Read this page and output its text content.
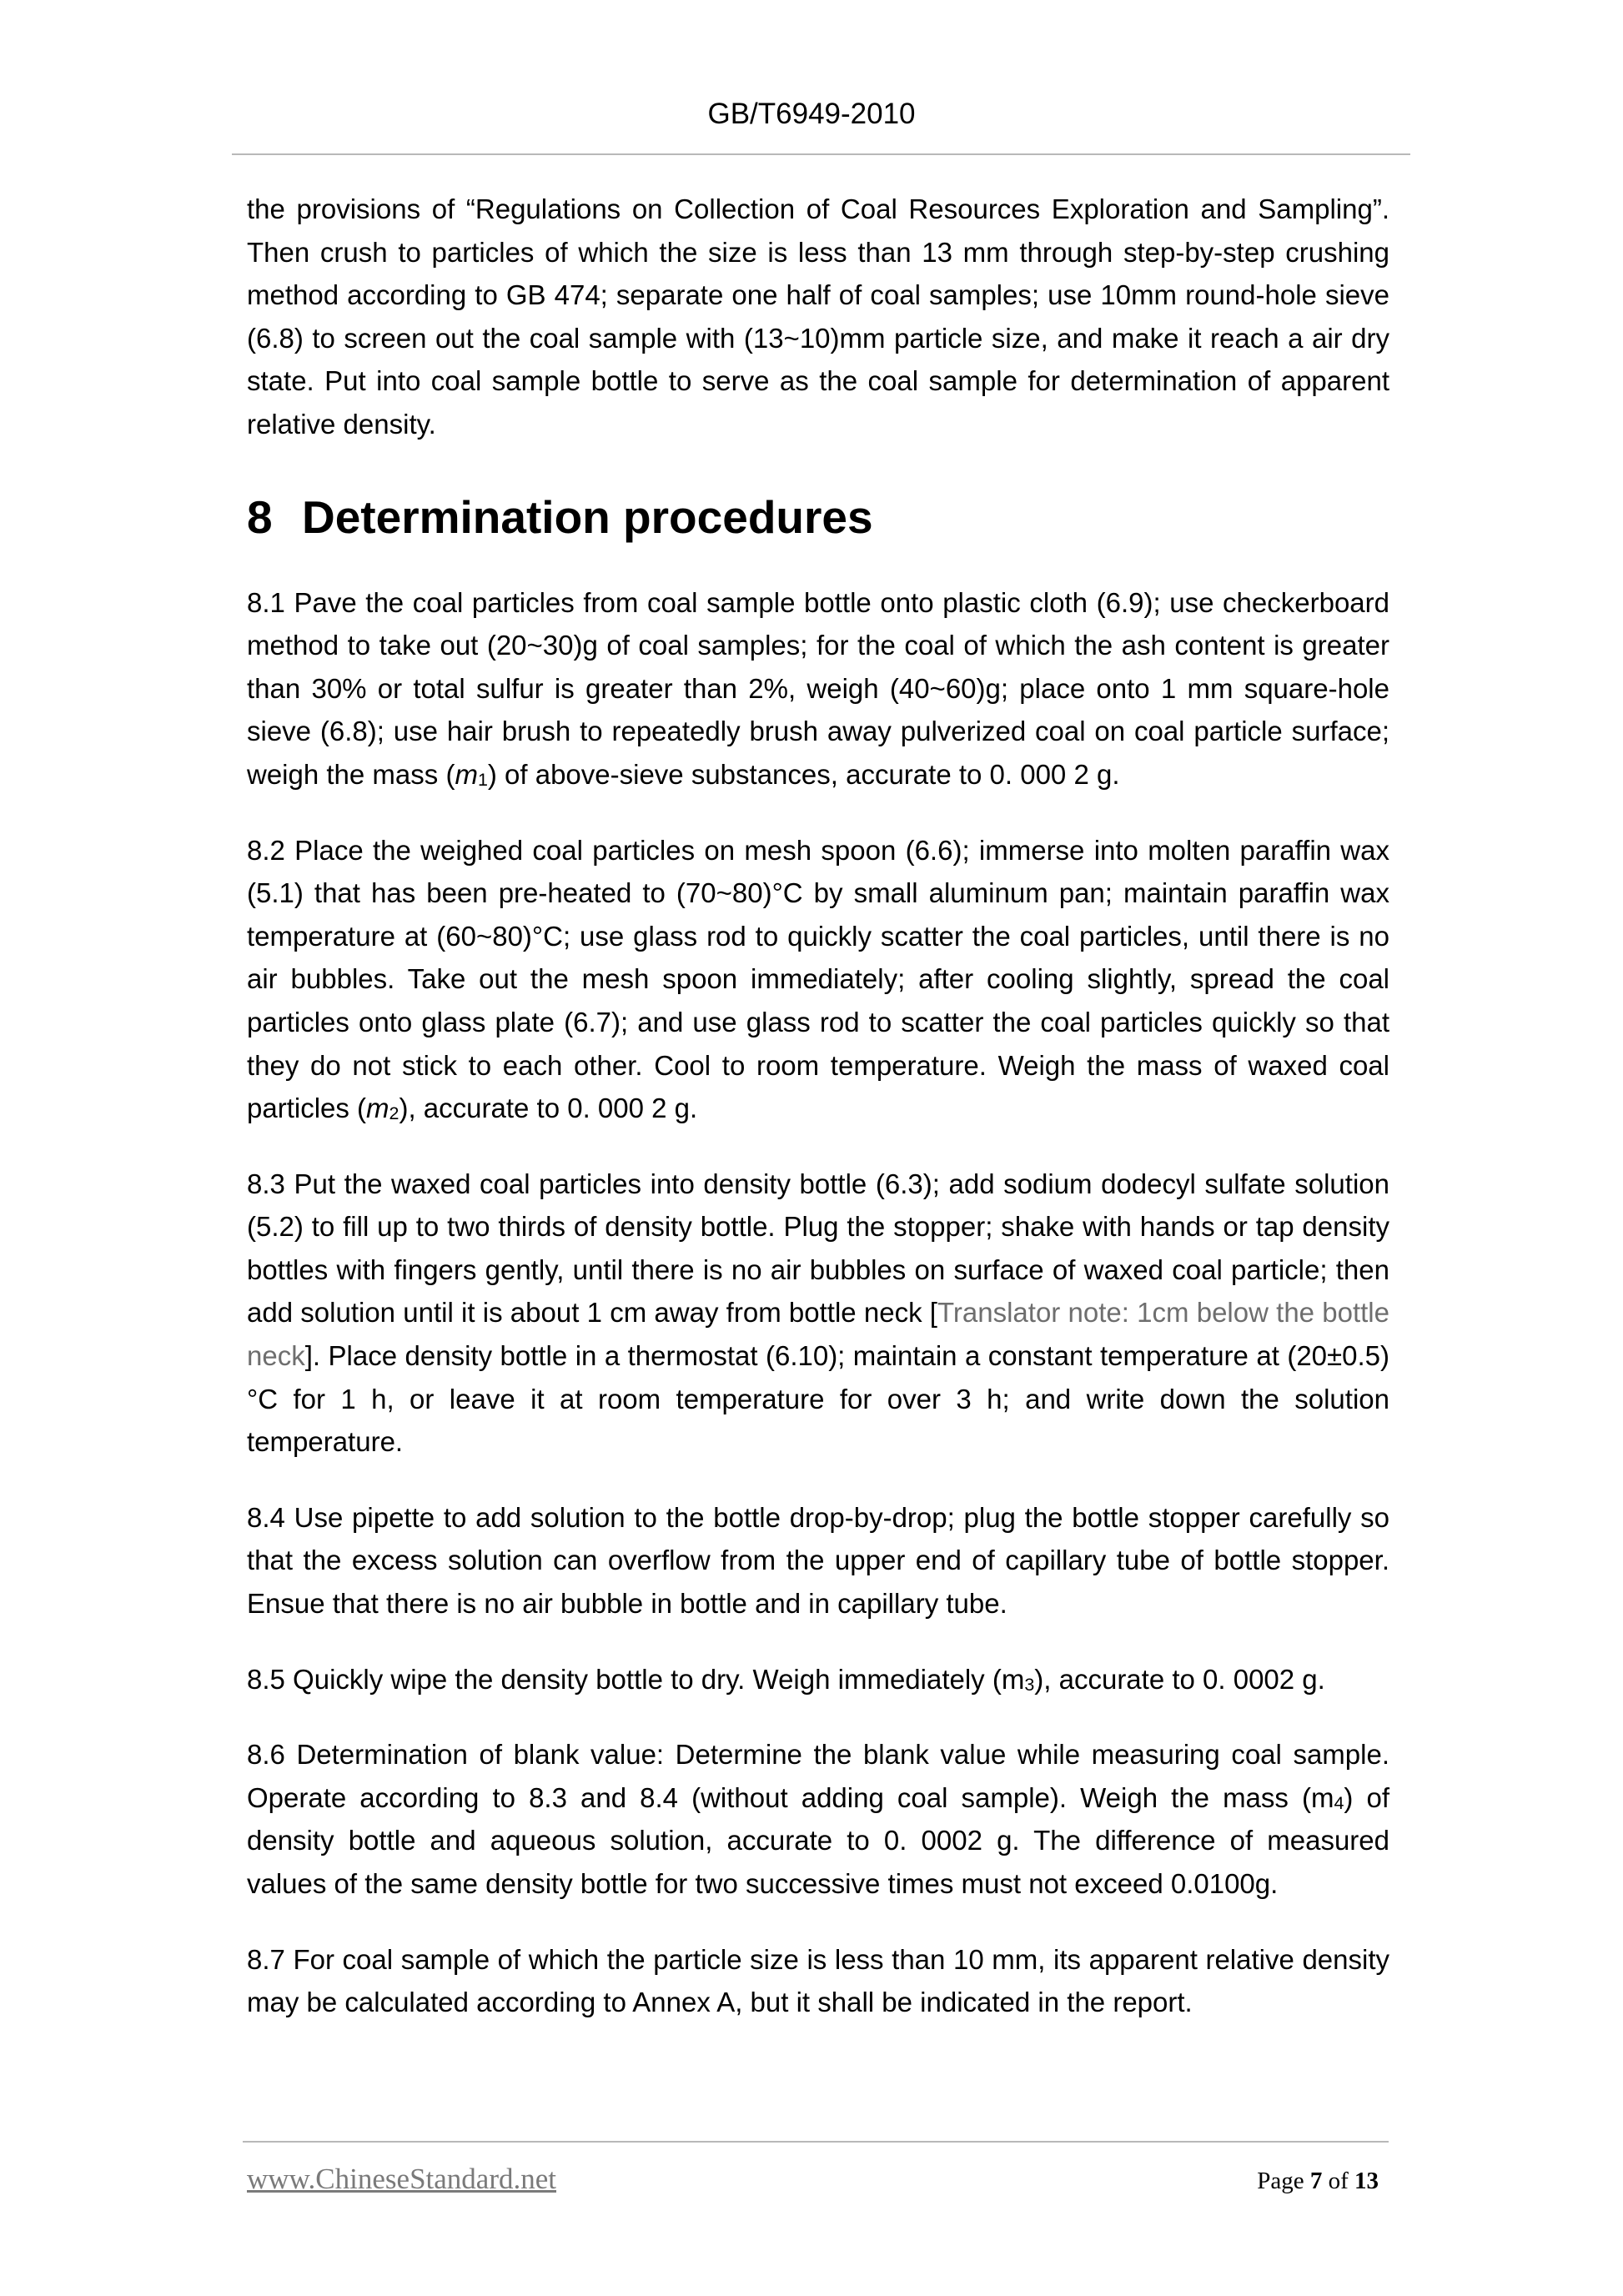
GB/T6949-2010

the provisions of “Regulations on Collection of Coal Resources Exploration and Sampling”. Then crush to particles of which the size is less than 13 mm through step-by-step crushing method according to GB 474; separate one half of coal samples; use 10mm round-hole sieve (6.8) to screen out the coal sample with (13~10)mm particle size, and make it reach a air dry state. Put into coal sample bottle to serve as the coal sample for determination of apparent relative density.

8 Determination procedures

8.1 Pave the coal particles from coal sample bottle onto plastic cloth (6.9); use checkerboard method to take out (20~30)g of coal samples; for the coal of which the ash content is greater than 30% or total sulfur is greater than 2%, weigh (40~60)g; place onto 1 mm square-hole sieve (6.8); use hair brush to repeatedly brush away pulverized coal on coal particle surface; weigh the mass $(m_1)$ of above-sieve substances, accurate to 0. 000 2 g.

8.2 Place the weighed coal particles on mesh spoon (6.6); immerse into molten paraffin wax (5.1) that has been pre-heated to (70~80)°C by small aluminum pan; maintain paraffin wax temperature at (60~80)°C; use glass rod to quickly scatter the coal particles, until there is no air bubbles. Take out the mesh spoon immediately; after cooling slightly, spread the coal particles onto glass plate (6.7); and use glass rod to scatter the coal particles quickly so that they do not stick to each other. Cool to room temperature. Weigh the mass of waxed coal particles $(m_2)$, accurate to 0. 000 2 g.

8.3 Put the waxed coal particles into density bottle (6.3); add sodium dodecyl sulfate solution (5.2) to fill up to two thirds of density bottle. Plug the stopper; shake with hands or tap density bottles with fingers gently, until there is no air bubbles on surface of waxed coal particle; then add solution until it is about 1 cm away from bottle neck [Translator note: 1cm below the bottle neck]. Place density bottle in a thermostat (6.10); maintain a constant temperature at (20±0.5)°C for 1 h, or leave it at room temperature for over 3 h; and write down the solution temperature.

8.4 Use pipette to add solution to the bottle drop-by-drop; plug the bottle stopper carefully so that the excess solution can overflow from the upper end of capillary tube of bottle stopper. Ensue that there is no air bubble in bottle and in capillary tube.

8.5 Quickly wipe the density bottle to dry. Weigh immediately $(m_3)$, accurate to 0. 0002 g.

8.6 Determination of blank value: Determine the blank value while measuring coal sample. Operate according to 8.3 and 8.4 (without adding coal sample). Weigh the mass $(m_4)$ of density bottle and aqueous solution, accurate to 0. 0002 g. The difference of measured values of the same density bottle for two successive times must not exceed 0.0100g.

8.7 For coal sample of which the particle size is less than 10 mm, its apparent relative density may be calculated according to Annex A, but it shall be indicated in the report.

www.ChineseStandard.net	Page 7 of 13
